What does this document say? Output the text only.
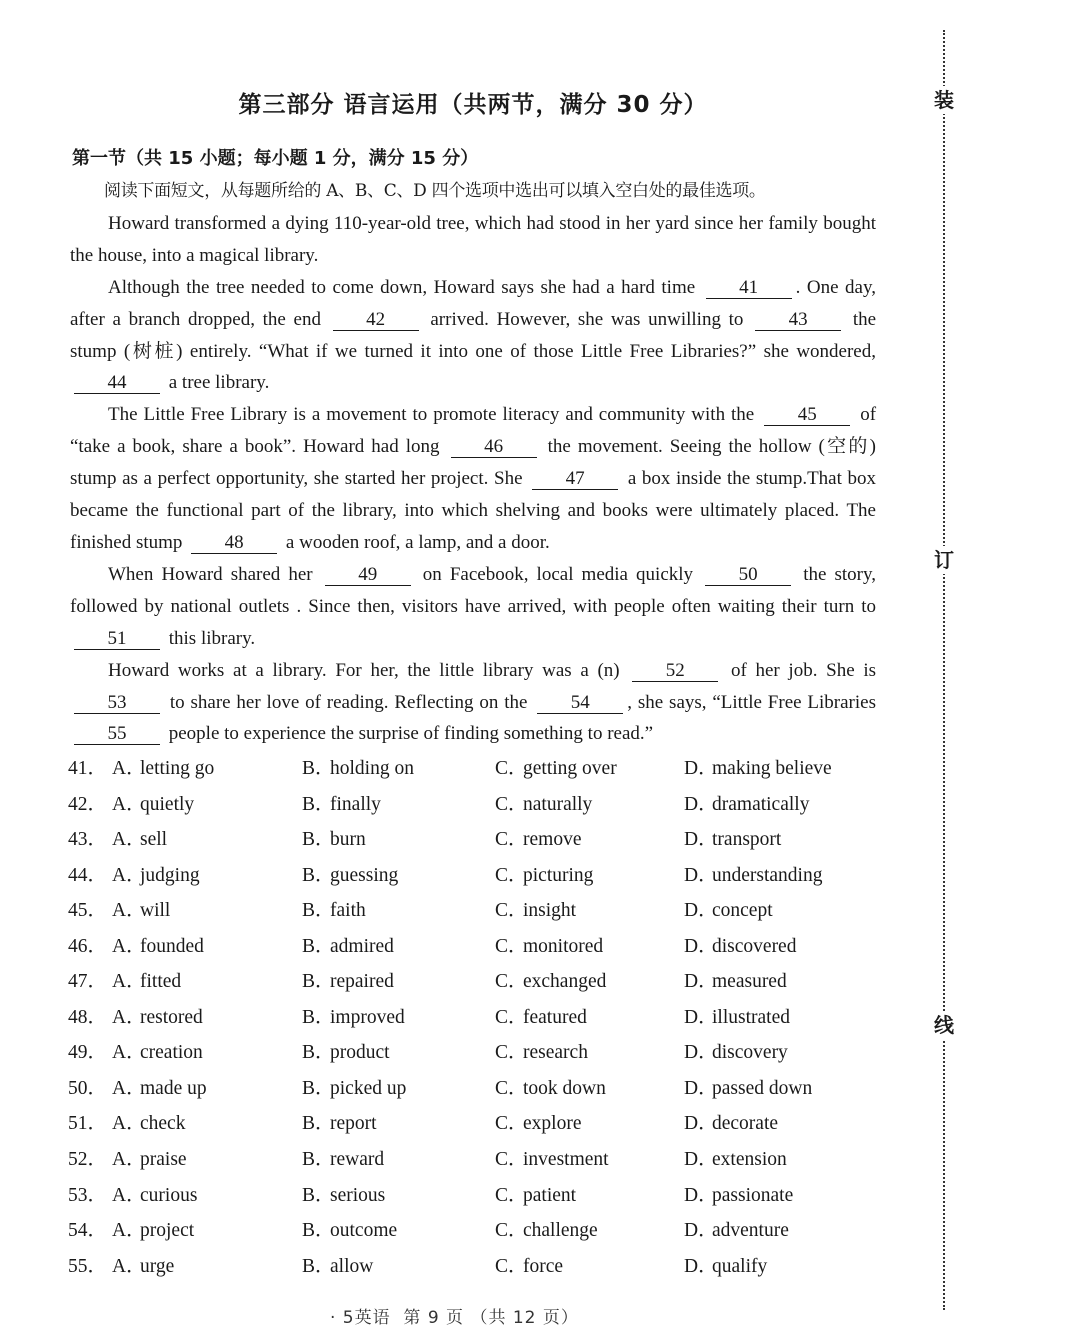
第三部分 语言运用（共两节，满分 30 分）
第一节（共 15 小题；每小题 1 分，满分 15 分）

阅读下面短文，从每题所给的 A、B、C、D 四个选项中选出可以填入空白处的最佳选项。

Howard transformed a dying 110-year-old tree, which had stood in her yard since her family bought the house, into a magical library.

Although the tree needed to come down, Howard says she had a hard time 41 . One day, after a branch dropped, the end 42 arrived. However, she was unwilling to 43 the stump (树桩) entirely. “What if we turned it into one of those Little Free Libraries?” she wondered, 44 a tree library.

The Little Free Library is a movement to promote literacy and community with the 45 of “take a book, share a book”. Howard had long 46 the movement. Seeing the hollow (空的) stump as a perfect opportunity, she started her project. She 47 a box inside the stump.That box became the functional part of the library, into which shelving and books were ultimately placed. The finished stump 48 a wooden roof, a lamp, and a door.

When Howard shared her 49 on Facebook, local media quickly 50 the story, followed by national outlets . Since then, visitors have arrived, with people often waiting their turn to 51 this library.

Howard works at a library. For her, the little library was a (n) 52 of her job. She is 53 to share her love of reading. Reflecting on the 54 , she says, “Little Free Libraries 55 people to experience the surprise of finding something to read.”

41． A．letting go	B．holding on	C．getting over	D．making believe
42． A．quietly	B．finally	C．naturally	D．dramatically
43． A．sell	B．burn	C．remove	D．transport
44． A．judging	B．guessing	C．picturing	D．understanding
45． A．will	B．faith	C．insight	D．concept
46． A．founded	B．admired	C．monitored	D．discovered
47． A．fitted	B．repaired	C．exchanged	D．measured
48． A．restored	B．improved	C．featured	D．illustrated
49． A．creation	B．product	C．research	D．discovery
50． A．made up	B．picked up	C．took down	D．passed down
51． A．check	B．report	C．explore	D．decorate
52． A．praise	B．reward	C．investment	D．extension
53． A．curious	B．serious	C．patient	D．passionate
54． A．project	B．outcome	C．challenge	D．adventure
55． A．urge	B．allow	C．force	D．qualify
装
订
线
· 5英语  第 9 页 （共 12 页）
